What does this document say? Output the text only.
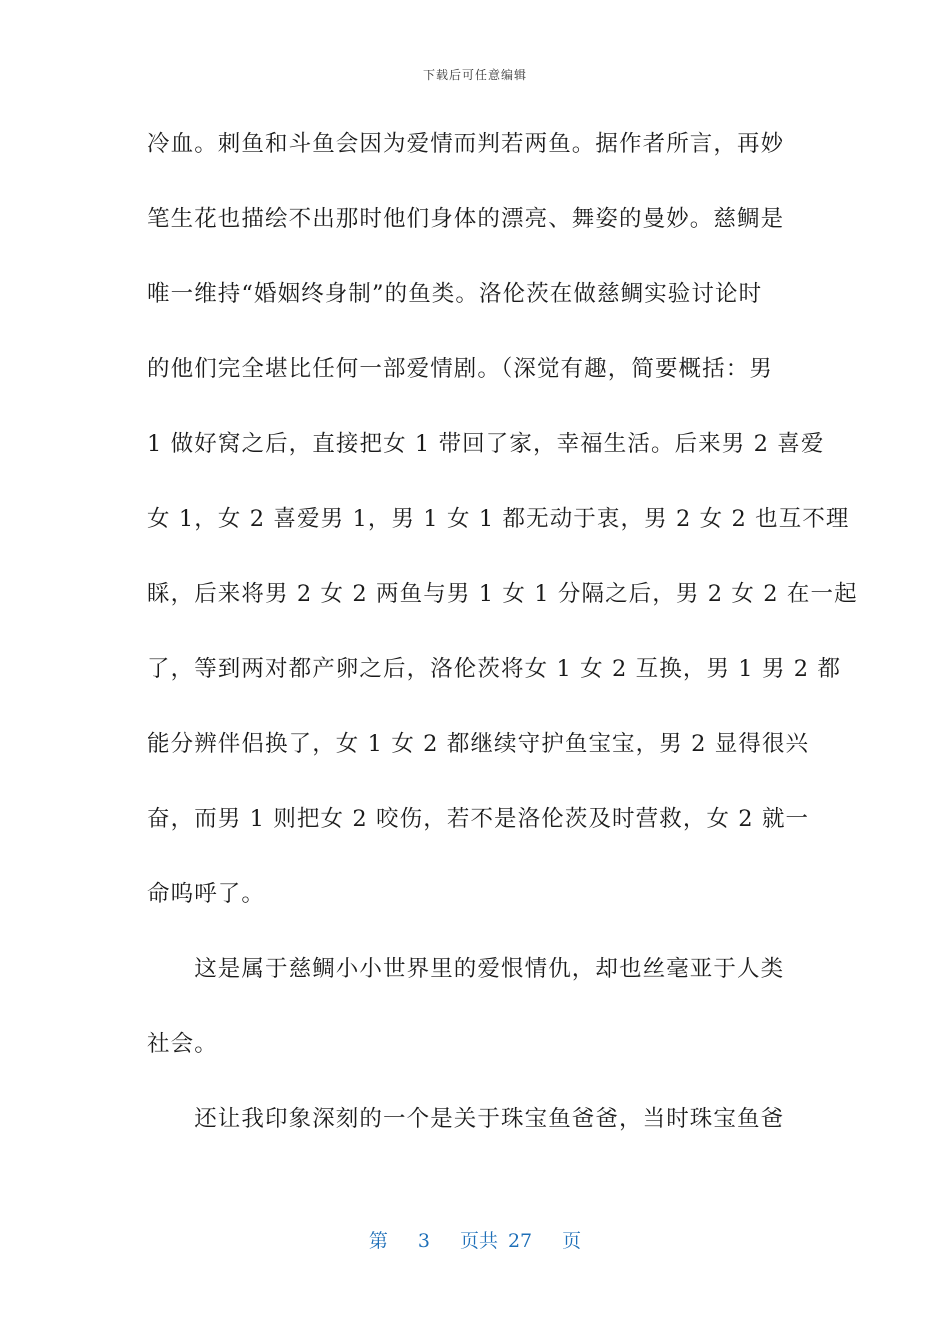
下载后可任意编辑
冷血。刺鱼和斗鱼会因为爱情而判若两鱼。据作者所言，再妙
笔生花也描绘不出那时他们身体的漂亮、舞姿的曼妙。慈鲷是
唯一维持“婚姻终身制”的鱼类。洛伦茨在做慈鲷实验讨论时
的他们完全堪比任何一部爱情剧。（深觉有趣，简要概括：男
1 做好窝之后，直接把女 1 带回了家，幸福生活。后来男 2 喜爱
女 1，女 2 喜爱男 1，男 1 女 1 都无动于衷，男 2 女 2 也互不理
睬，后来将男 2 女 2 两鱼与男 1 女 1 分隔之后，男 2 女 2 在一起
了，等到两对都产卵之后，洛伦茨将女 1 女 2 互换，男 1 男 2 都
能分辨伴侣换了，女 1 女 2 都继续守护鱼宝宝，男 2 显得很兴
奋，而男 1 则把女 2 咬伤，若不是洛伦茨及时营救，女 2 就一
命呜呼了。
　　这是属于慈鲷小小世界里的爱恨情仇，却也丝毫亚于人类
社会。
　　还让我印象深刻的一个是关于珠宝鱼爸爸，当时珠宝鱼爸
第 3 页共 27 页
